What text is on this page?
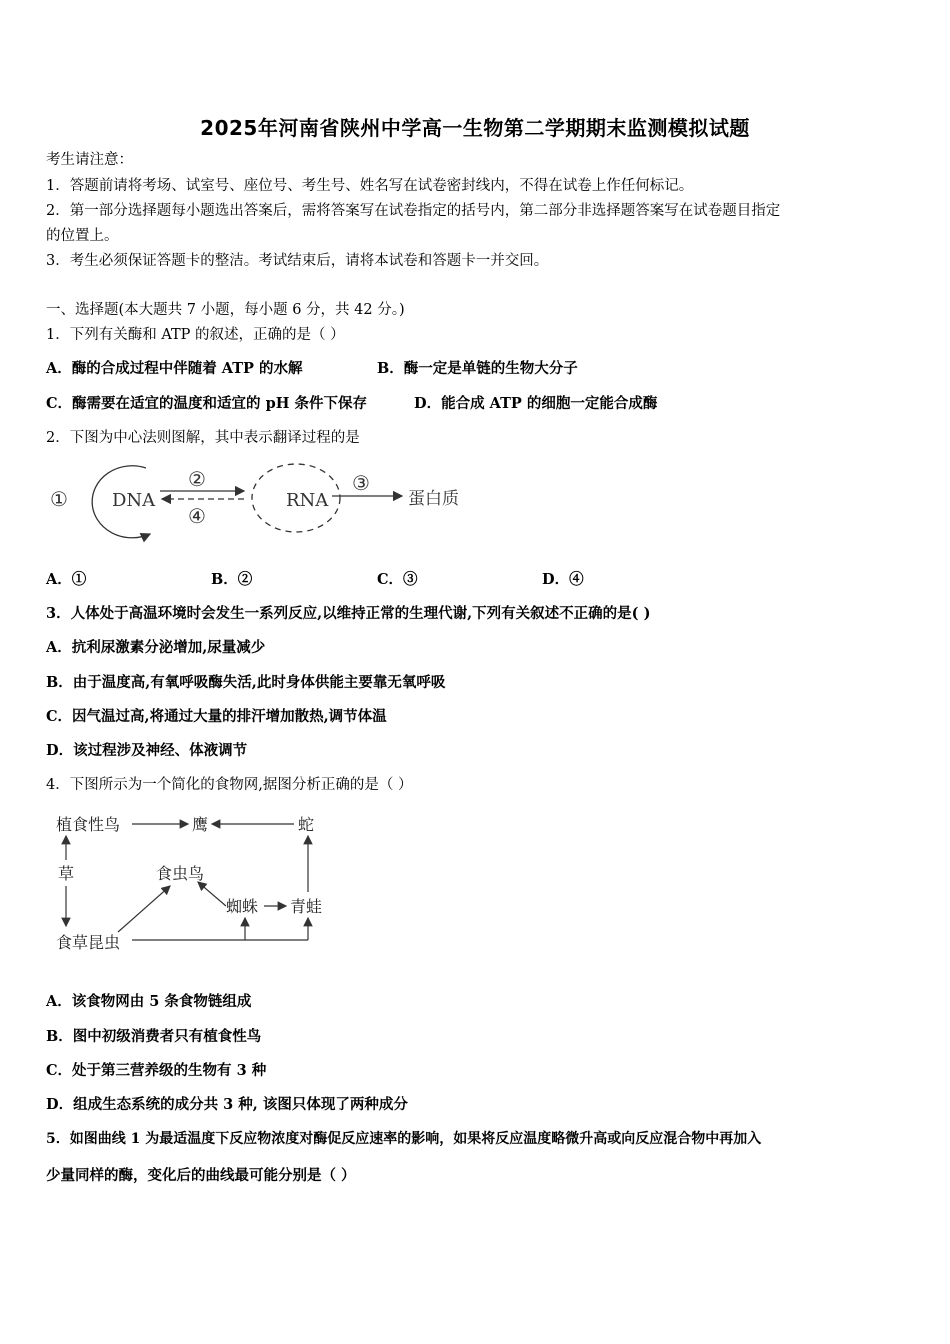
2025年河南省陕州中学高一生物第二学期期末监测模拟试题
考生请注意：
1．答题前请将考场、试室号、座位号、考生号、姓名写在试卷密封线内，不得在试卷上作任何标记。
2．第一部分选择题每小题选出答案后，需将答案写在试卷指定的括号内，第二部分非选择题答案写在试卷题目指定
的位置上。
3．考生必须保证答题卡的整洁。考试结束后，请将本试卷和答题卡一并交回。
一、选择题(本大题共 7 小题，每小题 6 分，共 42 分。)
1．下列有关酶和 ATP 的叙述，正确的是（ ）
A．酶的合成过程中伴随着 ATP 的水解	B．酶一定是单链的生物大分子
C．酶需要在适宜的温度和适宜的 pH 条件下保存	D．能合成 ATP 的细胞一定能合成酶
2．下图为中心法则图解，其中表示翻译过程的是
① DNA
②
④
RNA
③
蛋白质
A．①	B．②	C．③	D．④
3．人体处于高温环境时会发生一系列反应,以维持正常的生理代谢,下列有关叙述不正确的是( )
A．抗利尿激素分泌增加,尿量减少
B．由于温度高,有氧呼吸酶失活,此时身体供能主要靠无氧呼吸
C．因气温过高,将通过大量的排汗增加散热,调节体温
D．该过程涉及神经、体液调节
4．下图所示为一个简化的食物网,据图分析正确的是（ ）
植食性鸟	鹰	蛇
草	食虫鸟
蜘蛛 青蛙
食草昆虫
A．该食物网由 5 条食物链组成
B．图中初级消费者只有植食性鸟
C．处于第三营养级的生物有 3 种
D．组成生态系统的成分共 3 种, 该图只体现了两种成分
5．如图曲线 1 为最适温度下反应物浓度对酶促反应速率的影响，如果将反应温度略微升高或向反应混合物中再加入
少量同样的酶，变化后的曲线最可能分别是（ ）
